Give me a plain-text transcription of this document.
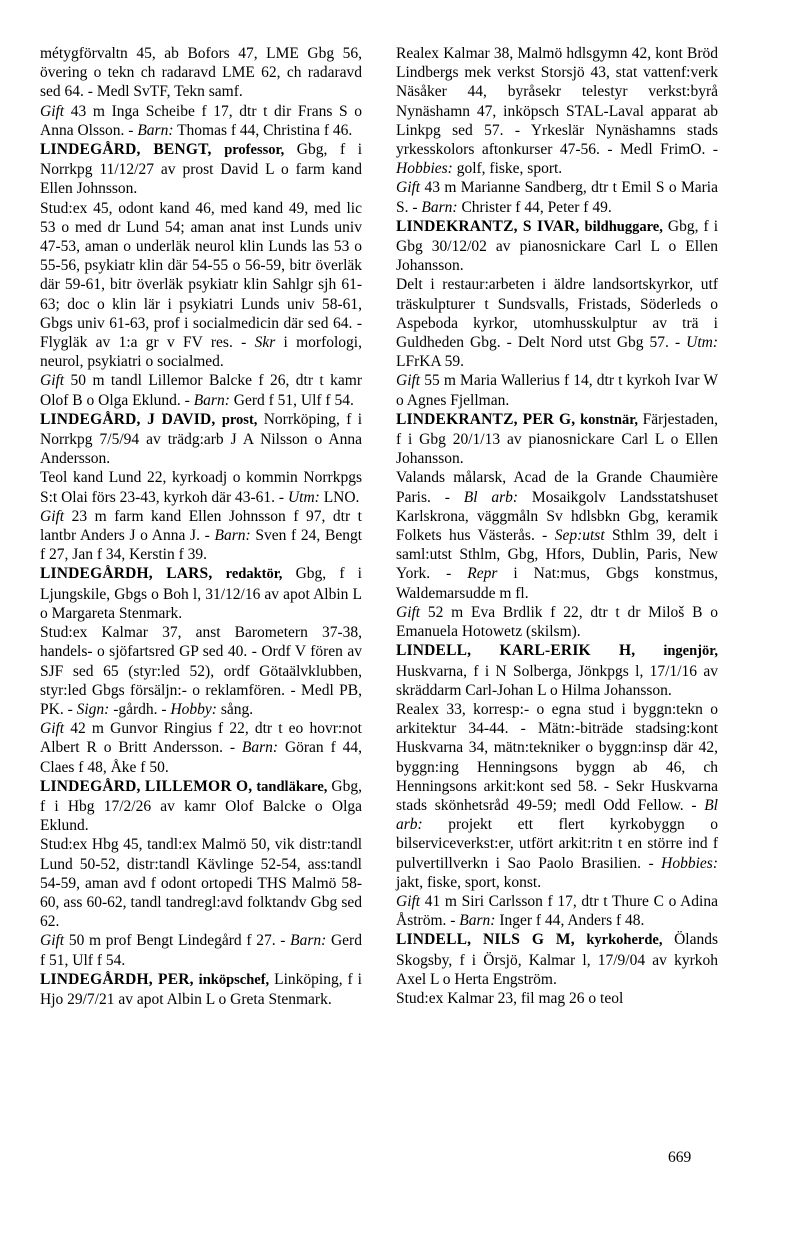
métygförvaltn 45, ab Bofors 47, LME Gbg 56, övering o tekn ch radaravd LME 62, ch radaravd sed 64. - Medl SvTF, Tekn samf.

Gift 43 m Inga Scheibe f 17, dtr t dir Frans S o Anna Olsson. - Barn: Thomas f 44, Christina f 46.

LINDEGÅRD, BENGT, professor, Gbg, f i Norrkpg 11/12/27 av prost David L o farm kand Ellen Johnsson.

Stud:ex 45, odont kand 46, med kand 49, med lic 53 o med dr Lund 54; aman anat inst Lunds univ 47-53, aman o underläk neurol klin Lunds las 53 o 55-56, psykiatr klin där 54-55 o 56-59, bitr överläk där 59-61, bitr överläk psykiatr klin Sahlgr sjh 61-63; doc o klin lär i psykiatri Lunds univ 58-61, Gbgs univ 61-63, prof i socialmedicin där sed 64. - Flygläk av 1:a gr v FV res. - Skr i morfologi, neurol, psykiatri o socialmed.

Gift 50 m tandl Lillemor Balcke f 26, dtr t kamr Olof B o Olga Eklund. - Barn: Gerd f 51, Ulf f 54.

LINDEGÅRD, J DAVID, prost, Norrköping, f i Norrkpg 7/5/94 av trädg:arb J A Nilsson o Anna Andersson.

Teol kand Lund 22, kyrkoadj o kommin Norrkpgs S:t Olai förs 23-43, kyrkoh där 43-61. - Utm: LNO.

Gift 23 m farm kand Ellen Johnsson f 97, dtr t lantbr Anders J o Anna J. - Barn: Sven f 24, Bengt f 27, Jan f 34, Kerstin f 39.

LINDEGÅRDH, LARS, redaktör, Gbg, f i Ljungskile, Gbgs o Boh l, 31/12/16 av apot Albin L o Margareta Stenmark.

Stud:ex Kalmar 37, anst Barometern 37-38, handels- o sjöfartsred GP sed 40. - Ordf V fören av SJF sed 65 (styr:led 52), ordf Götaälvklubben, styr:led Gbgs försäljn:- o reklamfören. - Medl PB, PK. - Sign: -gårdh. - Hobby: sång.

Gift 42 m Gunvor Ringius f 22, dtr t eo hovr:not Albert R o Britt Andersson. - Barn: Göran f 44, Claes f 48, Åke f 50.

LINDEGÅRD, LILLEMOR O, tandläkare, Gbg, f i Hbg 17/2/26 av kamr Olof Balcke o Olga Eklund.

Stud:ex Hbg 45, tandl:ex Malmö 50, vik distr:tandl Lund 50-52, distr:tandl Kävlinge 52-54, ass:tandl 54-59, aman avd f odont ortopedi THS Malmö 58-60, ass 60-62, tandl tandregl:avd folktandv Gbg sed 62.

Gift 50 m prof Bengt Lindegård f 27. - Barn: Gerd f 51, Ulf f 54.

LINDEGÅRDH, PER, inköpschef, Linköping, f i Hjo 29/7/21 av apot Albin L o Greta Stenmark.

Realex Kalmar 38, Malmö hdlsgymn 42, kont Bröd Lindbergs mek verkst Storsjö 43, stat vattenf:verk Näsåker 44, byråsekr telestyr verkst:byrå Nynäshamn 47, inköpsch STAL-Laval apparat ab Linkpg sed 57. - Yrkeslär Nynäshamns stads yrkesskolors aftonkurser 47-56. - Medl FrimO. - Hobbies: golf, fiske, sport.

Gift 43 m Marianne Sandberg, dtr t Emil S o Maria S. - Barn: Christer f 44, Peter f 49.

LINDEKRANTZ, S IVAR, bildhuggare, Gbg, f i Gbg 30/12/02 av pianosnickare Carl L o Ellen Johansson.

Delt i restaur:arbeten i äldre landsortskyrkor, utf träskulpturer t Sundsvalls, Fristads, Söderleds o Aspeboda kyrkor, utomhusskulptur av trä i Guldheden Gbg. - Delt Nord utst Gbg 57. - Utm: LFrKA 59.

Gift 55 m Maria Wallerius f 14, dtr t kyrkoh Ivar W o Agnes Fjellman.

LINDEKRANTZ, PER G, konstnär, Färjestaden, f i Gbg 20/1/13 av pianosnickare Carl L o Ellen Johansson.

Valands målarsk, Acad de la Grande Chaumière Paris. - Bl arb: Mosaikgolv Landsstatshuset Karlskrona, väggmåln Sv hdlsbkn Gbg, keramik Folkets hus Västerås. - Sep:utst Sthlm 39, delt i saml:utst Sthlm, Gbg, Hfors, Dublin, Paris, New York. - Repr i Nat:mus, Gbgs konstmus, Waldemarsudde m fl.

Gift 52 m Eva Brdlik f 22, dtr t dr Miloš B o Emanuela Hotowetz (skilsm).

LINDELL, KARL-ERIK H, ingenjör, Huskvarna, f i N Solberga, Jönkpgs l, 17/1/16 av skräddarm Carl-Johan L o Hilma Johansson.

Realex 33, korresp:- o egna stud i byggn:tekn o arkitektur 34-44. - Mätn:-biträde stadsing:kont Huskvarna 34, mätn:tekniker o byggn:insp där 42, byggn:ing Henningsons byggn ab 46, ch Henningsons arkit:kont sed 58. - Sekr Huskvarna stads skönhetsråd 49-59; medl Odd Fellow. - Bl arb: projekt ett flert kyrkobyggn o bilserviceverkst:er, utfört arkit:ritn t en större ind f pulvertillverkn i Sao Paolo Brasilien. - Hobbies: jakt, fiske, sport, konst.

Gift 41 m Siri Carlsson f 17, dtr t Thure C o Adina Åström. - Barn: Inger f 44, Anders f 48.

LINDELL, NILS G M, kyrkoherde, Ölands Skogsby, f i Örsjö, Kalmar l, 17/9/04 av kyrkoh Axel L o Herta Engström.

Stud:ex Kalmar 23, fil mag 26 o teol

669
